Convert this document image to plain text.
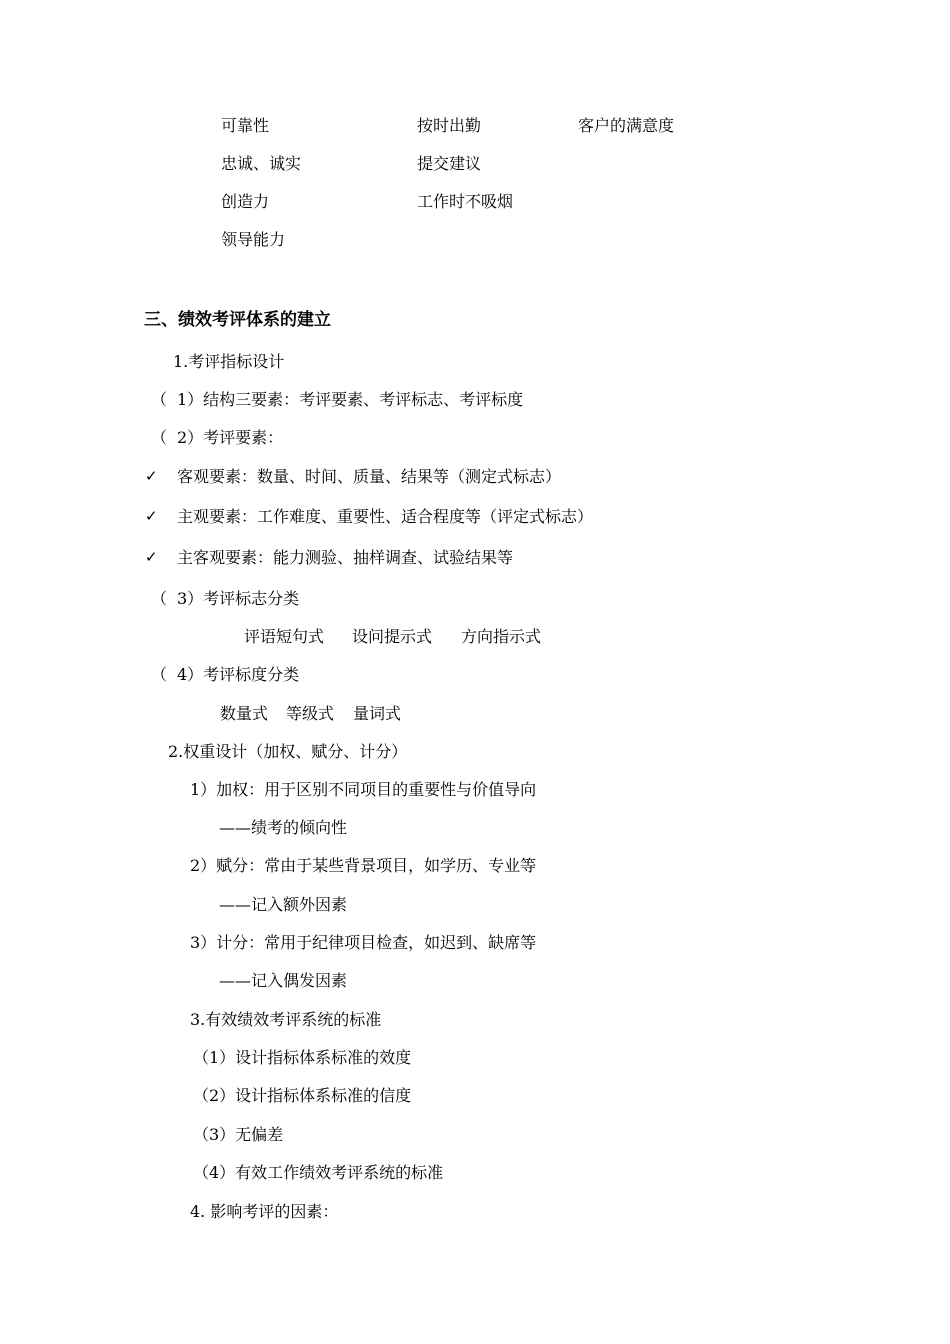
可靠性
忠诚、诚实
创造力
领导能力
按时出勤
提交建议
工作时不吸烟
客户的满意度
三、绩效考评体系的建立
1.考评指标设计
（ 1）结构三要素：考评要素、考评标志、考评标度
（ 2）考评要素：
✓ 客观要素：数量、时间、质量、结果等（测定式标志）
✓ 主观要素：工作难度、重要性、适合程度等（评定式标志）
✓ 主客观要素：能力测验、抽样调查、试验结果等
（ 3）考评标志分类
评语短句式 设问提示式 方向指示式
（ 4）考评标度分类
数量式 等级式 量词式
2.权重设计（加权、赋分、计分）
1）加权：用于区别不同项目的重要性与价值导向
——绩考的倾向性
2）赋分：常由于某些背景项目，如学历、专业等
——记入额外因素
3）计分：常用于纪律项目检查，如迟到、缺席等
——记入偶发因素
3.有效绩效考评系统的标准
（1）设计指标体系标准的效度
（2）设计指标体系标准的信度
（3）无偏差
（4）有效工作绩效考评系统的标准
4. 影响考评的因素：
